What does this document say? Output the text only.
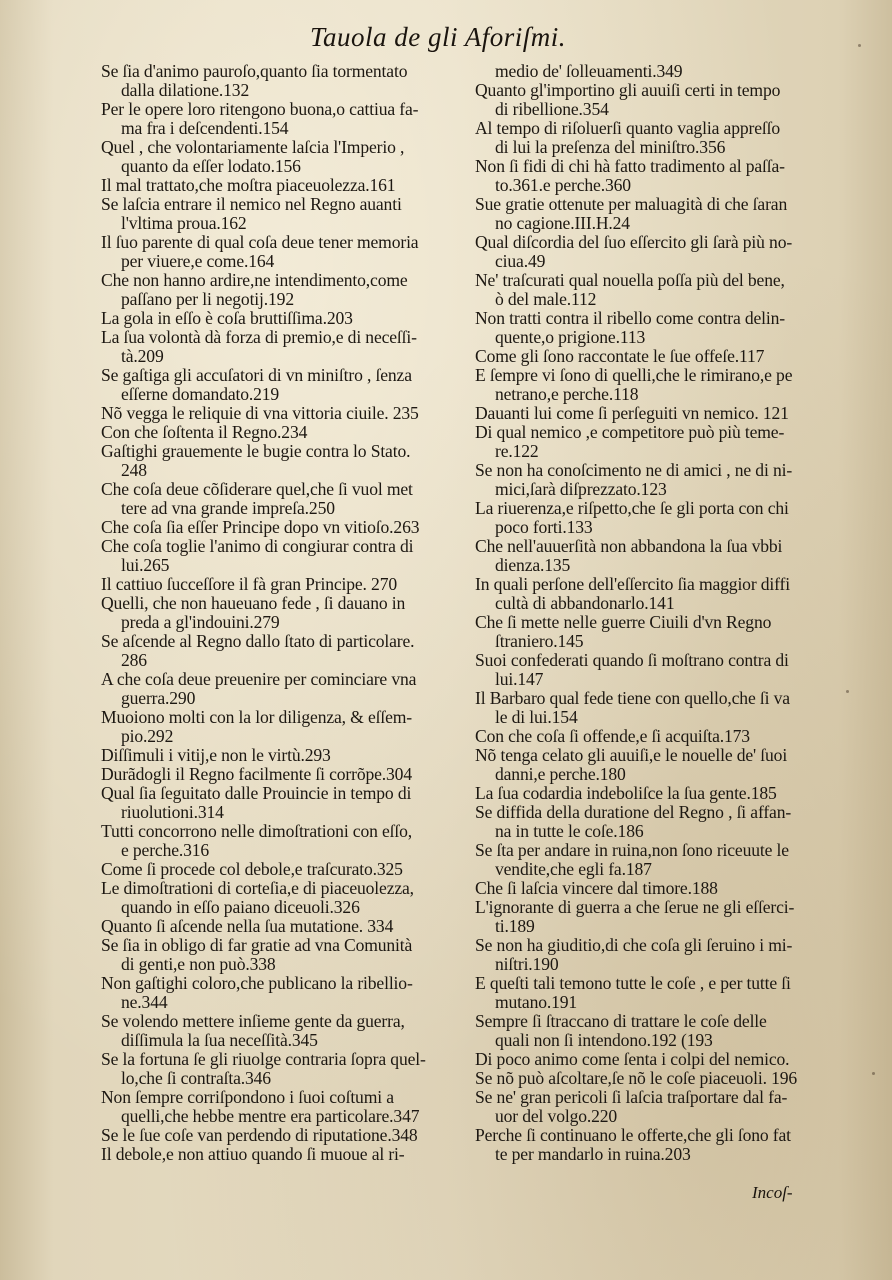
Tauola de gli Aforiſmi.
Se ſia d'animo pauroſo,quanto ſia tormentato
dalla dilatione.132
Per le opere loro ritengono buona,o cattiua fa-
ma fra i deſcendenti.154
Quel , che volontariamente laſcia l'Imperio ,
quanto da eſſer lodato.156
Il mal trattato,che moſtra piaceuolezza.161
Se laſcia entrare il nemico nel Regno auanti
l'vltima proua.162
Il ſuo parente di qual coſa deue tener memoria
per viuere,e come.164
Che non hanno ardire,ne intendimento,come
paſſano per li negotij.192
La gola in eſſo è coſa bruttiſſima.203
La ſua volontà dà forza di premio,e di neceſſi-
tà.209
Se gaſtiga gli accuſatori di vn miniſtro , ſenza
eſſerne domandato.219
Nõ vegga le reliquie di vna vittoria ciuile. 235
Con che ſoſtenta il Regno.234
Gaſtighi grauemente le bugie contra lo Stato.
248
Che coſa deue cõſiderare quel,che ſi vuol met
tere ad vna grande impreſa.250
Che coſa ſia eſſer Principe dopo vn vitioſo.263
Che coſa toglie l'animo di congiurar contra di
lui.265
Il cattiuo ſucceſſore il fà gran Principe. 270
Quelli, che non haueuano fede , ſi dauano in
preda a gl'indouini.279
Se aſcende al Regno dallo ſtato di particolare.
286
A che coſa deue preuenire per cominciare vna
guerra.290
Muoiono molti con la lor diligenza, & eſſem-
pio.292
Diſſimuli i vitij,e non le virtù.293
Durãdogli il Regno facilmente ſi corrõpe.304
Qual ſia ſeguitato dalle Prouincie in tempo di
riuolutioni.314
Tutti concorrono nelle dimoſtrationi con eſſo,
e perche.316
Come ſi procede col debole,e traſcurato.325
Le dimoſtrationi di corteſia,e di piaceuolezza,
quando in eſſo paiano diceuoli.326
Quanto ſi aſcende nella ſua mutatione. 334
Se ſia in obligo di far gratie ad vna Comunità
di genti,e non può.338
Non gaſtighi coloro,che publicano la ribellio-
ne.344
Se volendo mettere inſieme gente da guerra,
diſſimula la ſua neceſſità.345
Se la fortuna ſe gli riuolge contraria ſopra quel-
lo,che ſi contraſta.346
Non ſempre corriſpondono i ſuoi coſtumi a
quelli,che hebbe mentre era particolare.347
Se le ſue coſe van perdendo di riputatione.348
Il debole,e non attiuo quando ſi muoue al ri-
medio de' ſolleuamenti.349
Quanto gl'importino gli auuiſi certi in tempo
di ribellione.354
Al tempo di riſoluerſi quanto vaglia appreſſo
di lui la preſenza del miniſtro.356
Non ſi fidi di chi hà fatto tradimento al paſſa-
to.361.e perche.360
Sue gratie ottenute per maluagità di che ſaran
no cagione.III.H.24
Qual diſcordia del ſuo eſſercito gli ſarà più no-
ciua.49
Ne' traſcurati qual nouella poſſa più del bene,
ò del male.112
Non tratti contra il ribello come contra delin-
quente,o prigione.113
Come gli ſono raccontate le ſue offeſe.117
E ſempre vi ſono di quelli,che le rimirano,e pe
netrano,e perche.118
Dauanti lui come ſi perſeguiti vn nemico. 121
Di qual nemico ,e competitore può più teme-
re.122
Se non ha conoſcimento ne di amici , ne di ni-
mici,ſarà diſprezzato.123
La riuerenza,e riſpetto,che ſe gli porta con chi
poco forti.133
Che nell'auuerſità non abbandona la ſua vbbi
dienza.135
In quali perſone dell'eſſercito ſia maggior diffi
cultà di abbandonarlo.141
Che ſi mette nelle guerre Ciuili d'vn Regno
ſtraniero.145
Suoi confederati quando ſi moſtrano contra di
lui.147
Il Barbaro qual fede tiene con quello,che ſi va
le di lui.154
Con che coſa ſi offende,e ſi acquiſta.173
Nõ tenga celato gli auuiſi,e le nouelle de' ſuoi
danni,e perche.180
La ſua codardia indeboliſce la ſua gente.185
Se diffida della duratione del Regno , ſi affan-
na in tutte le coſe.186
Se ſta per andare in ruina,non ſono riceuute le
vendite,che egli fa.187
Che ſi laſcia vincere dal timore.188
L'ignorante di guerra a che ſerue ne gli eſſerci-
ti.189
Se non ha giuditio,di che coſa gli ſeruino i mi-
niſtri.190
E queſti tali temono tutte le coſe , e per tutte ſi
mutano.191
Sempre ſi ſtraccano di trattare le coſe delle
quali non ſi intendono.192 (193
Di poco animo come ſenta i colpi del nemico.
Se nõ può aſcoltare,ſe nõ le coſe piaceuoli. 196
Se ne' gran pericoli ſi laſcia traſportare dal fa-
uor del volgo.220
Perche ſi continuano le offerte,che gli ſono fat
te per mandarlo in ruina.203
Incoſ-
